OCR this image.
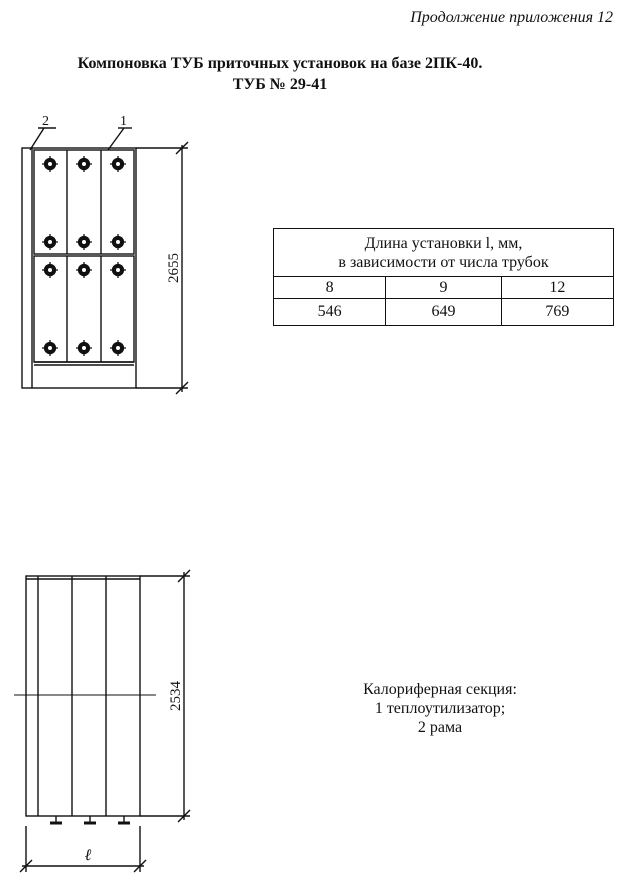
Продолжение приложения 12
Компоновка ТУБ приточных установок на базе 2ПК-40.
ТУБ № 29-41
2	1
2655
Длина установки l, мм,
в зависимости от числа трубок		

8	9	12
546	649	769
2534
ℓ
Калориферная секция:
1 теплоутилизатор;
2 рама
